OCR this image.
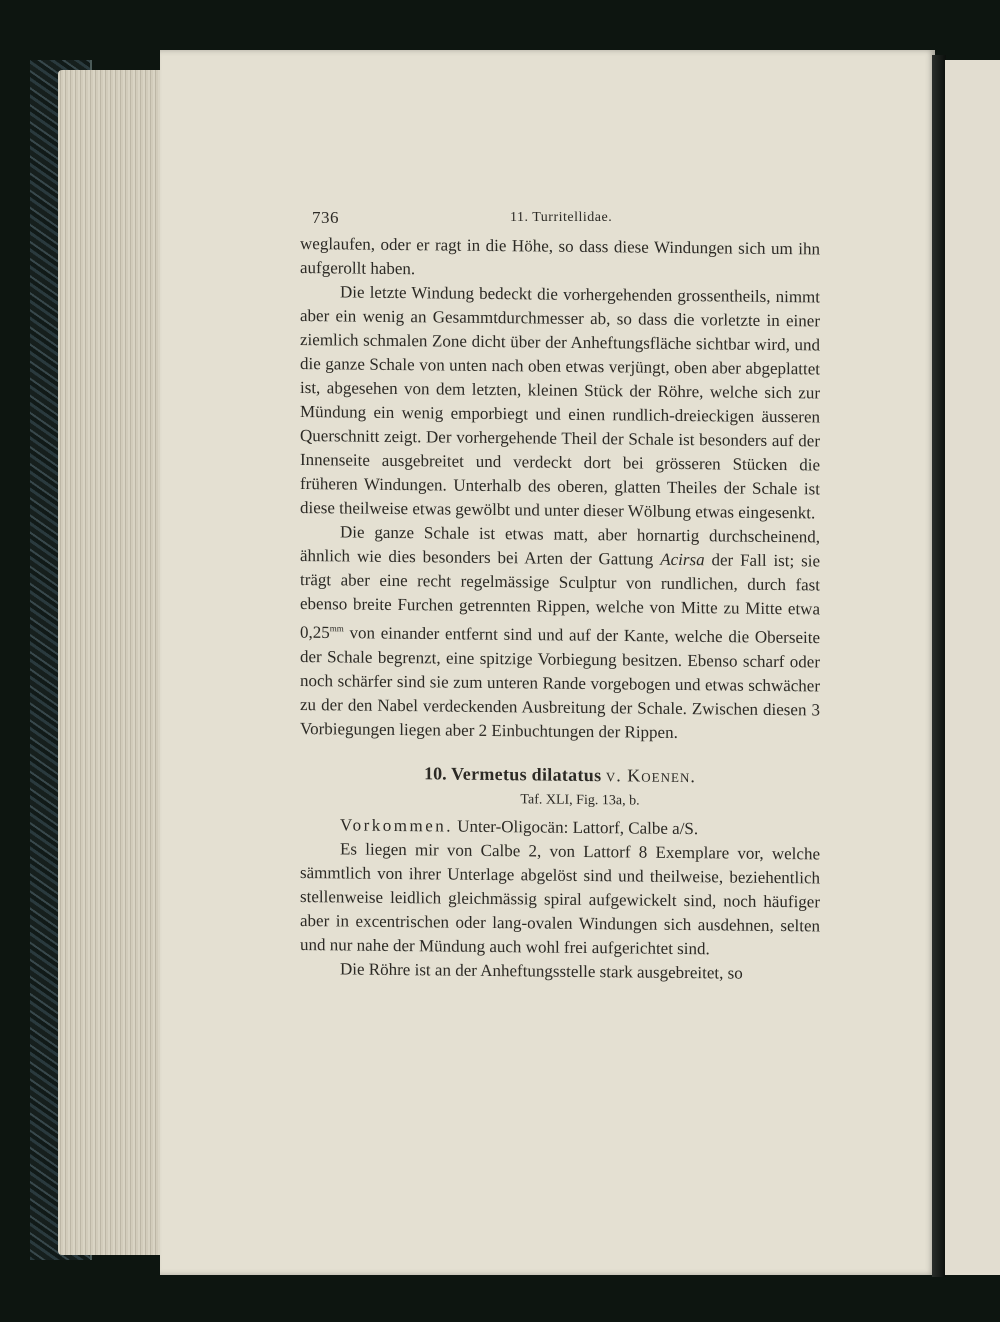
736	11. Turritellidae.

weglaufen, oder er ragt in die Höhe, so dass diese Windungen sich um ihn aufgerollt haben.

Die letzte Windung bedeckt die vorhergehenden grossentheils, nimmt aber ein wenig an Gesammtdurchmesser ab, so dass die vorletzte in einer ziemlich schmalen Zone dicht über der Anheftungsfläche sichtbar wird, und die ganze Schale von unten nach oben etwas verjüngt, oben aber abgeplattet ist, abgesehen von dem letzten, kleinen Stück der Röhre, welche sich zur Mündung ein wenig emporbiegt und einen rundlich-dreieckigen äusseren Querschnitt zeigt. Der vorhergehende Theil der Schale ist besonders auf der Innenseite ausgebreitet und verdeckt dort bei grösseren Stücken die früheren Windungen. Unterhalb des oberen, glatten Theiles der Schale ist diese theilweise etwas gewölbt und unter dieser Wölbung etwas eingesenkt.

Die ganze Schale ist etwas matt, aber hornartig durchscheinend, ähnlich wie dies besonders bei Arten der Gattung Acirsa der Fall ist; sie trägt aber eine recht regelmässige Sculptur von rundlichen, durch fast ebenso breite Furchen getrennten Rippen, welche von Mitte zu Mitte etwa $0,25^{mm}$ von einander entfernt sind und auf der Kante, welche die Oberseite der Schale begrenzt, eine spitzige Vorbiegung besitzen. Ebenso scharf oder noch schärfer sind sie zum unteren Rande vorgebogen und etwas schwächer zu der den Nabel verdeckenden Ausbreitung der Schale. Zwischen diesen 3 Vorbiegungen liegen aber 2 Einbuchtungen der Rippen.

10. Vermetus dilatatus v. Koenen.
Taf. XLI, Fig. 13a, b.

Vorkommen. Unter-Oligocän: Lattorf, Calbe a/S.

Es liegen mir von Calbe 2, von Lattorf 8 Exemplare vor, welche sämmtlich von ihrer Unterlage abgelöst sind und theilweise, beziehentlich stellenweise leidlich gleichmässig spiral aufgewickelt sind, noch häufiger aber in excentrischen oder lang-ovalen Windungen sich ausdehnen, selten und nur nahe der Mündung auch wohl frei aufgerichtet sind.

Die Röhre ist an der Anheftungsstelle stark ausgebreitet, so
